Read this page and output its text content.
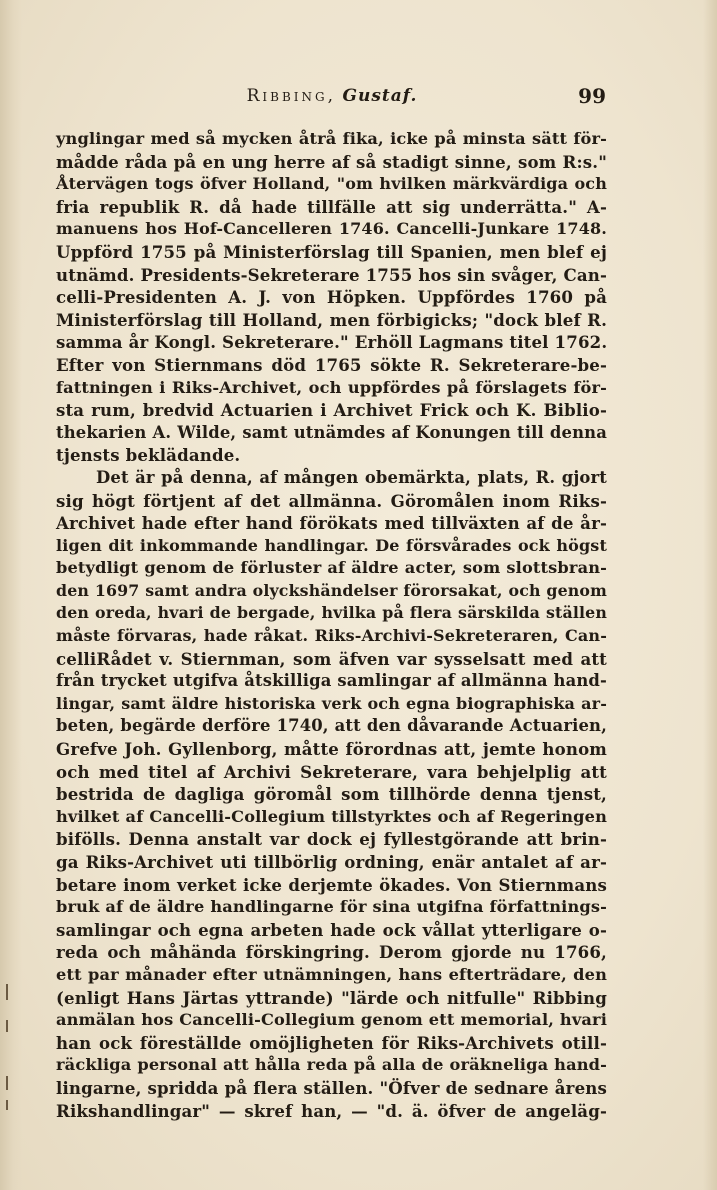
Ribbing, Gustaf.	99
ynglingar med så mycken åtrå fika, icke på minsta sätt för-
mådde råda på en ung herre af så stadigt sinne, som R:s."
Återvägen togs öfver Holland, "om hvilken märkvärdiga och
fria republik R. då hade tillfälle att sig underrätta." A-
manuens hos Hof-Cancelleren 1746. Cancelli-Junkare 1748.
Uppförd 1755 på Ministerförslag till Spanien, men blef ej
utnämd. Presidents-Sekreterare 1755 hos sin svåger, Can-
celli-Presidenten A. J. von Höpken. Uppfördes 1760 på
Ministerförslag till Holland, men förbigicks; "dock blef R.
samma år Kongl. Sekreterare." Erhöll Lagmans titel 1762.
Efter von Stiernmans död 1765 sökte R. Sekreterare-be-
fattningen i Riks-Archivet, och uppfördes på förslagets för-
sta rum, bredvid Actuarien i Archivet Frick och K. Biblio-
thekarien A. Wilde, samt utnämdes af Konungen till denna
tjensts beklädande.
Det är på denna, af mången obemärkta, plats, R. gjort
sig högt förtjent af det allmänna. Göromålen inom Riks-
Archivet hade efter hand förökats med tillväxten af de år-
ligen dit inkommande handlingar. De försvårades ock högst
betydligt genom de förluster af äldre acter, som slottsbran-
den 1697 samt andra olyckshändelser förorsakat, och genom
den oreda, hvari de bergade, hvilka på flera särskilda ställen
måste förvaras, hade råkat. Riks-Archivi-Sekreteraren, Can-
celliRådet v. Stiernman, som äfven var sysselsatt med att
från trycket utgifva åtskilliga samlingar af allmänna hand-
lingar, samt äldre historiska verk och egna biographiska ar-
beten, begärde derföre 1740, att den dåvarande Actuarien,
Grefve Joh. Gyllenborg, måtte förordnas att, jemte honom
och med titel af Archivi Sekreterare, vara behjelplig att
bestrida de dagliga göromål som tillhörde denna tjenst,
hvilket af Cancelli-Collegium tillstyrktes och af Regeringen
bifölls. Denna anstalt var dock ej fyllestgörande att brin-
ga Riks-Archivet uti tillbörlig ordning, enär antalet af ar-
betare inom verket icke derjemte ökades. Von Stiernmans
bruk af de äldre handlingarne för sina utgifna författnings-
samlingar och egna arbeten hade ock vållat ytterligare o-
reda och måhända förskingring. Derom gjorde nu 1766,
ett par månader efter utnämningen, hans efterträdare, den
(enligt Hans Järtas yttrande) "lärde och nitfulle" Ribbing
anmälan hos Cancelli-Collegium genom ett memorial, hvari
han ock föreställde omöjligheten för Riks-Archivets otill-
räckliga personal att hålla reda på alla de oräkneliga hand-
lingarne, spridda på flera ställen. "Öfver de sednare årens
Rikshandlingar" — skref han, — "d. ä. öfver de angeläg-
